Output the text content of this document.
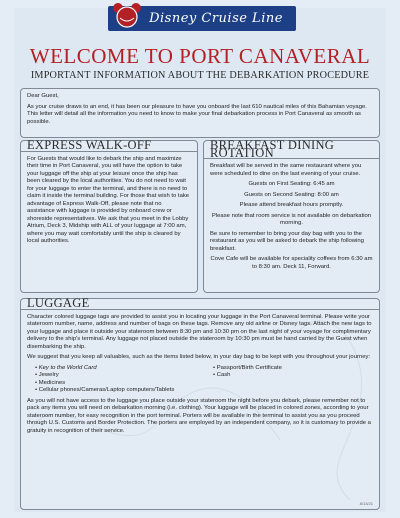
Disney Cruise Line
WELCOME TO PORT CANAVERAL
IMPORTANT INFORMATION ABOUT THE DEBARKATION PROCEDURE

Dear Guest,

As your cruise draws to an end, it has been our pleasure to have you onboard the last 610 nautical miles of this Bahamian voyage. This letter will detail all the information you need to know to make your final debarkation process in Port Canaveral as smooth as possible.

EXPRESS WALK-OFF

For Guests that would like to debark the ship and maximize their time in Port Canaveral, you will have the option to take your luggage off the ship at your leisure once the ship has been cleared by the local authorities. You do not need to wait for your luggage to enter the terminal, and there is no need to claim it inside the terminal building. For those that wish to take advantage of Express Walk-Off, please note that no assistance with luggage is provided by onboard crew or shoreside representatives. We ask that you meet in the Lobby Atrium, Deck 3, Midship with ALL of your luggage at 7:00 am, where you may wait comfortably until the ship is cleared by local authorities.

BREAKFAST DINING ROTATION

Breakfast will be served in the same restaurant where you were scheduled to dine on the last evening of your cruise.

Guests on First Seating: 6:45 am

Guests on Second Seating: 8:00 am

Please attend breakfast hours promptly.

Please note that room service is not available on debarkation morning.

Be sure to remember to bring your day bag with you to the restaurant as you will be asked to debark the ship following breakfast.

Cove Cafe will be available for speciality coffees from 6:30 am to 8:30 am. Deck 11, Forward.

LUGGAGE

Character colored luggage tags are provided to assist you in locating your luggage in the Port Canaveral terminal. Please write your stateroom number, name, address and number of bags on these tags. Remove any old airline or Disney tags. Attach the new tags to your luggage and place it outside your stateroom between 8:30 pm and 10:30 pm on the last night of your voyage for complimentary delivery to the ship's terminal. Any luggage not placed outside the stateroom by 10:30 pm must be hand carried by the Guest when disembarking the ship.

We suggest that you keep all valuables, such as the items listed below, in your day bag to be kept with you throughout your journey:

• Key to the World Card
• Jewelry
• Medicines
• Cellular phones/Cameras/Laptop computers/Tablets
• Passport/Birth Certificate
• Cash

As you will not have access to the luggage you place outside your stateroom the night before you debark, please remember not to pack any items you will need on debarkation morning (i.e. clothing). Your luggage will be placed in colored zones, according to your stateroom number, for easy recognition in the port terminal. Porters will be available in the terminal to assist you as you proceed through U.S. Customs and Border Protection. The porters are employed by an independent company, so it is customary to provide a gratuity in recognition of their service.

8/13/21
